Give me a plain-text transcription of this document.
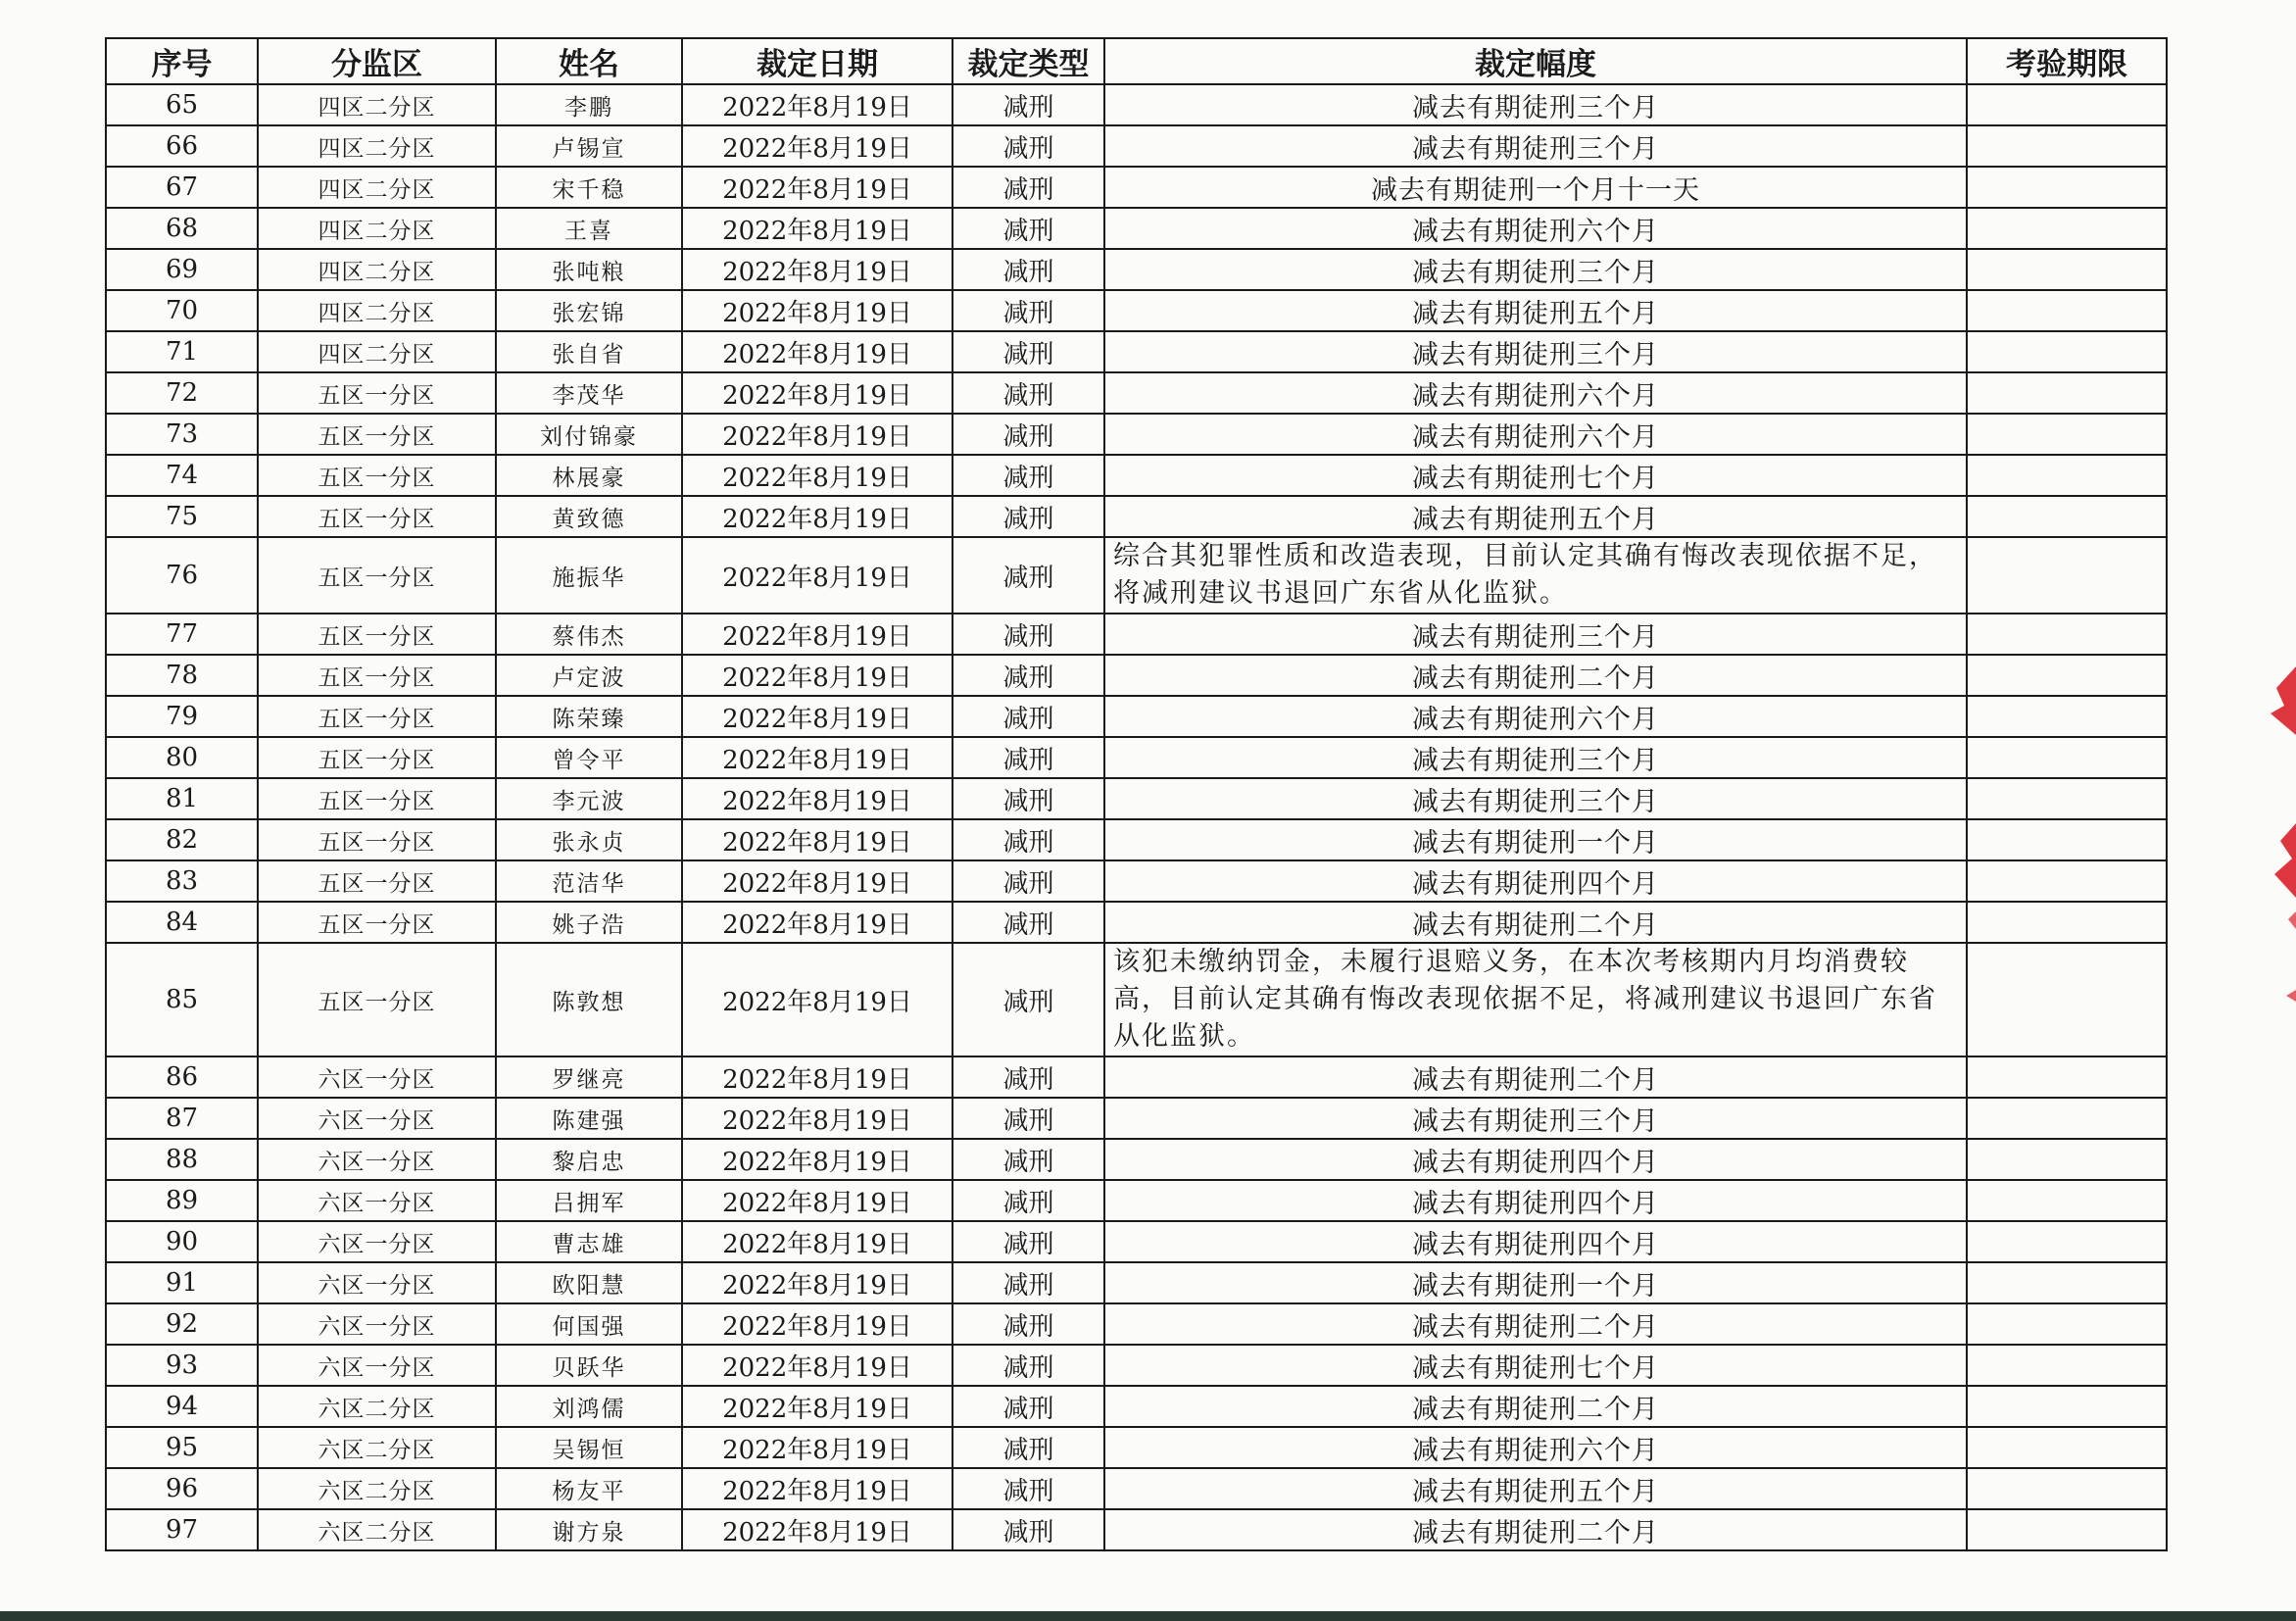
序号	分监区	姓名	裁定日期	裁定类型	裁定幅度	考验期限
65	四区二分区	李鹏	2022年8月19日	减刑	减去有期徒刑三个月	
66	四区二分区	卢锡宣	2022年8月19日	减刑	减去有期徒刑三个月	
67	四区二分区	宋千稳	2022年8月19日	减刑	减去有期徒刑一个月十一天	
68	四区二分区	王喜	2022年8月19日	减刑	减去有期徒刑六个月	
69	四区二分区	张吨粮	2022年8月19日	减刑	减去有期徒刑三个月	
70	四区二分区	张宏锦	2022年8月19日	减刑	减去有期徒刑五个月	
71	四区二分区	张自省	2022年8月19日	减刑	减去有期徒刑三个月	
72	五区一分区	李茂华	2022年8月19日	减刑	减去有期徒刑六个月	
73	五区一分区	刘付锦豪	2022年8月19日	减刑	减去有期徒刑六个月	
74	五区一分区	林展豪	2022年8月19日	减刑	减去有期徒刑七个月	
75	五区一分区	黄致德	2022年8月19日	减刑	减去有期徒刑五个月	
76	五区一分区	施振华	2022年8月19日	减刑	综合其犯罪性质和改造表现，目前认定其确有悔改表现依据不足，将减刑建议书退回广东省从化监狱。	
77	五区一分区	蔡伟杰	2022年8月19日	减刑	减去有期徒刑三个月	
78	五区一分区	卢定波	2022年8月19日	减刑	减去有期徒刑二个月	
79	五区一分区	陈荣臻	2022年8月19日	减刑	减去有期徒刑六个月	
80	五区一分区	曾令平	2022年8月19日	减刑	减去有期徒刑三个月	
81	五区一分区	李元波	2022年8月19日	减刑	减去有期徒刑三个月	
82	五区一分区	张永贞	2022年8月19日	减刑	减去有期徒刑一个月	
83	五区一分区	范洁华	2022年8月19日	减刑	减去有期徒刑四个月	
84	五区一分区	姚子浩	2022年8月19日	减刑	减去有期徒刑二个月	
85	五区一分区	陈敦想	2022年8月19日	减刑	该犯未缴纳罚金，未履行退赔义务，在本次考核期内月均消费较高，目前认定其确有悔改表现依据不足，将减刑建议书退回广东省从化监狱。	
86	六区一分区	罗继亮	2022年8月19日	减刑	减去有期徒刑二个月	
87	六区一分区	陈建强	2022年8月19日	减刑	减去有期徒刑三个月	
88	六区一分区	黎启忠	2022年8月19日	减刑	减去有期徒刑四个月	
89	六区一分区	吕拥军	2022年8月19日	减刑	减去有期徒刑四个月	
90	六区一分区	曹志雄	2022年8月19日	减刑	减去有期徒刑四个月	
91	六区一分区	欧阳慧	2022年8月19日	减刑	减去有期徒刑一个月	
92	六区一分区	何国强	2022年8月19日	减刑	减去有期徒刑二个月	
93	六区一分区	贝跃华	2022年8月19日	减刑	减去有期徒刑七个月	
94	六区二分区	刘鸿儒	2022年8月19日	减刑	减去有期徒刑二个月	
95	六区二分区	吴锡恒	2022年8月19日	减刑	减去有期徒刑六个月	
96	六区二分区	杨友平	2022年8月19日	减刑	减去有期徒刑五个月	
97	六区二分区	谢方泉	2022年8月19日	减刑	减去有期徒刑二个月	
